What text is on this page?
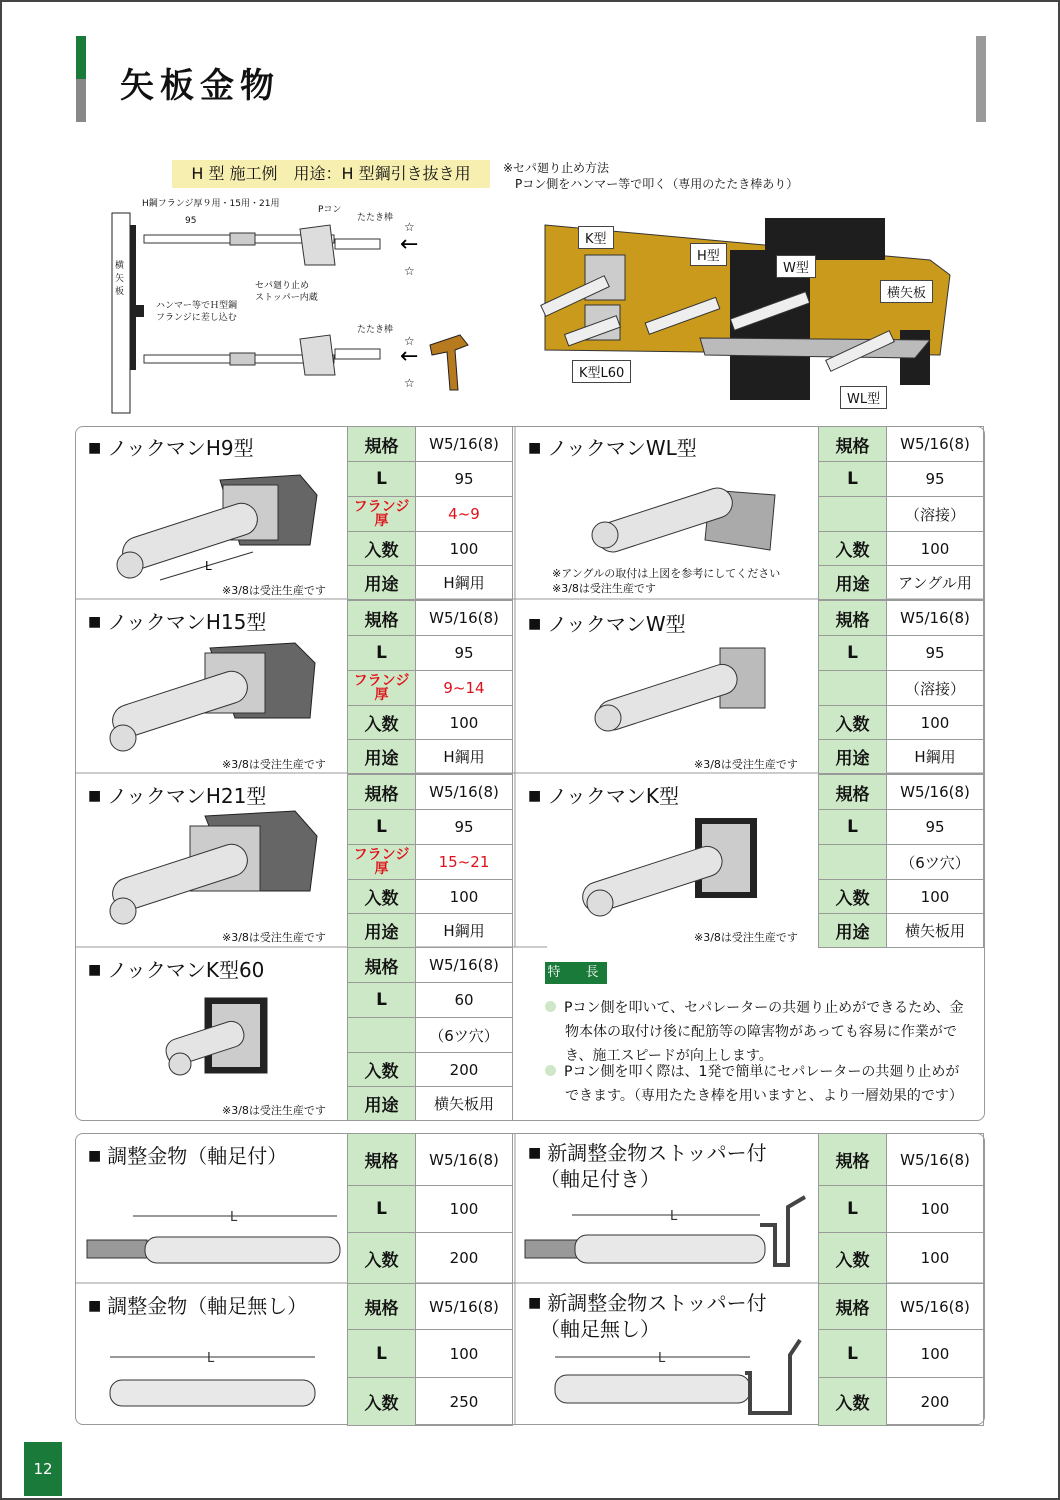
矢板金物
H 型 施工例　用途：H 型鋼引き抜き用
←
←
☆
☆
☆
☆
H鋼フランジ厚９用・15用・21用
95
Pコン
たたき棒
横矢板
セパ廻り止め
ストッパー内蔵
ハンマー等でＨ型鋼
フランジに差し込む
たたき棒
※セパ廻り止め方法
　Pコン側をハンマー等で叩く（専用のたたき棒あり）
K型
H型
W型
横矢板
K型L60
WL型
規格	W5/16(8)
L	95
フランジ厚	4~9
入数	100
用途	H鋼用
規格	W5/16(8)
L	95
フランジ厚	9~14
入数	100
用途	H鋼用
規格	W5/16(8)
L	95
フランジ厚	15~21
入数	100
用途	H鋼用
規格	W5/16(8)
L	60
	（6ツ穴）
入数	200
用途	横矢板用
規格	W5/16(8)
L	95
	（溶接）
入数	100
用途	アングル用
規格	W5/16(8)
L	95
	（溶接）
入数	100
用途	H鋼用
規格	W5/16(8)
L	95
	（6ツ穴）
入数	100
用途	横矢板用
■ ノックマンH9型	■ ノックマンWL型
■ ノックマンH15型	■ ノックマンW型
■ ノックマンH21型	■ ノックマンK型
■ ノックマンK型60
L
※3/8は受注生産です
※アングルの取付は上図を参考にしてください
※3/8は受注生産です
※3/8は受注生産です	※3/8は受注生産です
※3/8は受注生産です	※3/8は受注生産です
※3/8は受注生産です
特　長
Pコン側を叩いて、セパレーターの共廻り止めができるため、金物本体の取付け後に配筋等の障害物があっても容易に作業ができ、施工スピードが向上します。
Pコン側を叩く際は、1発で簡単にセパレーターの共廻り止めができます。（専用たたき棒を用いますと、より一層効果的です）
規格	W5/16(8)
L	100
入数	200
規格	W5/16(8)
L	100
入数	100
規格	W5/16(8)
L	100
入数	250
規格	W5/16(8)
L	100
入数	200
■ 調整金物（軸足付）	■ 新調整金物ストッパー付
（軸足付き）
■ 調整金物（軸足無し）	■ 新調整金物ストッパー付
（軸足無し）
L	L
L	L
12
